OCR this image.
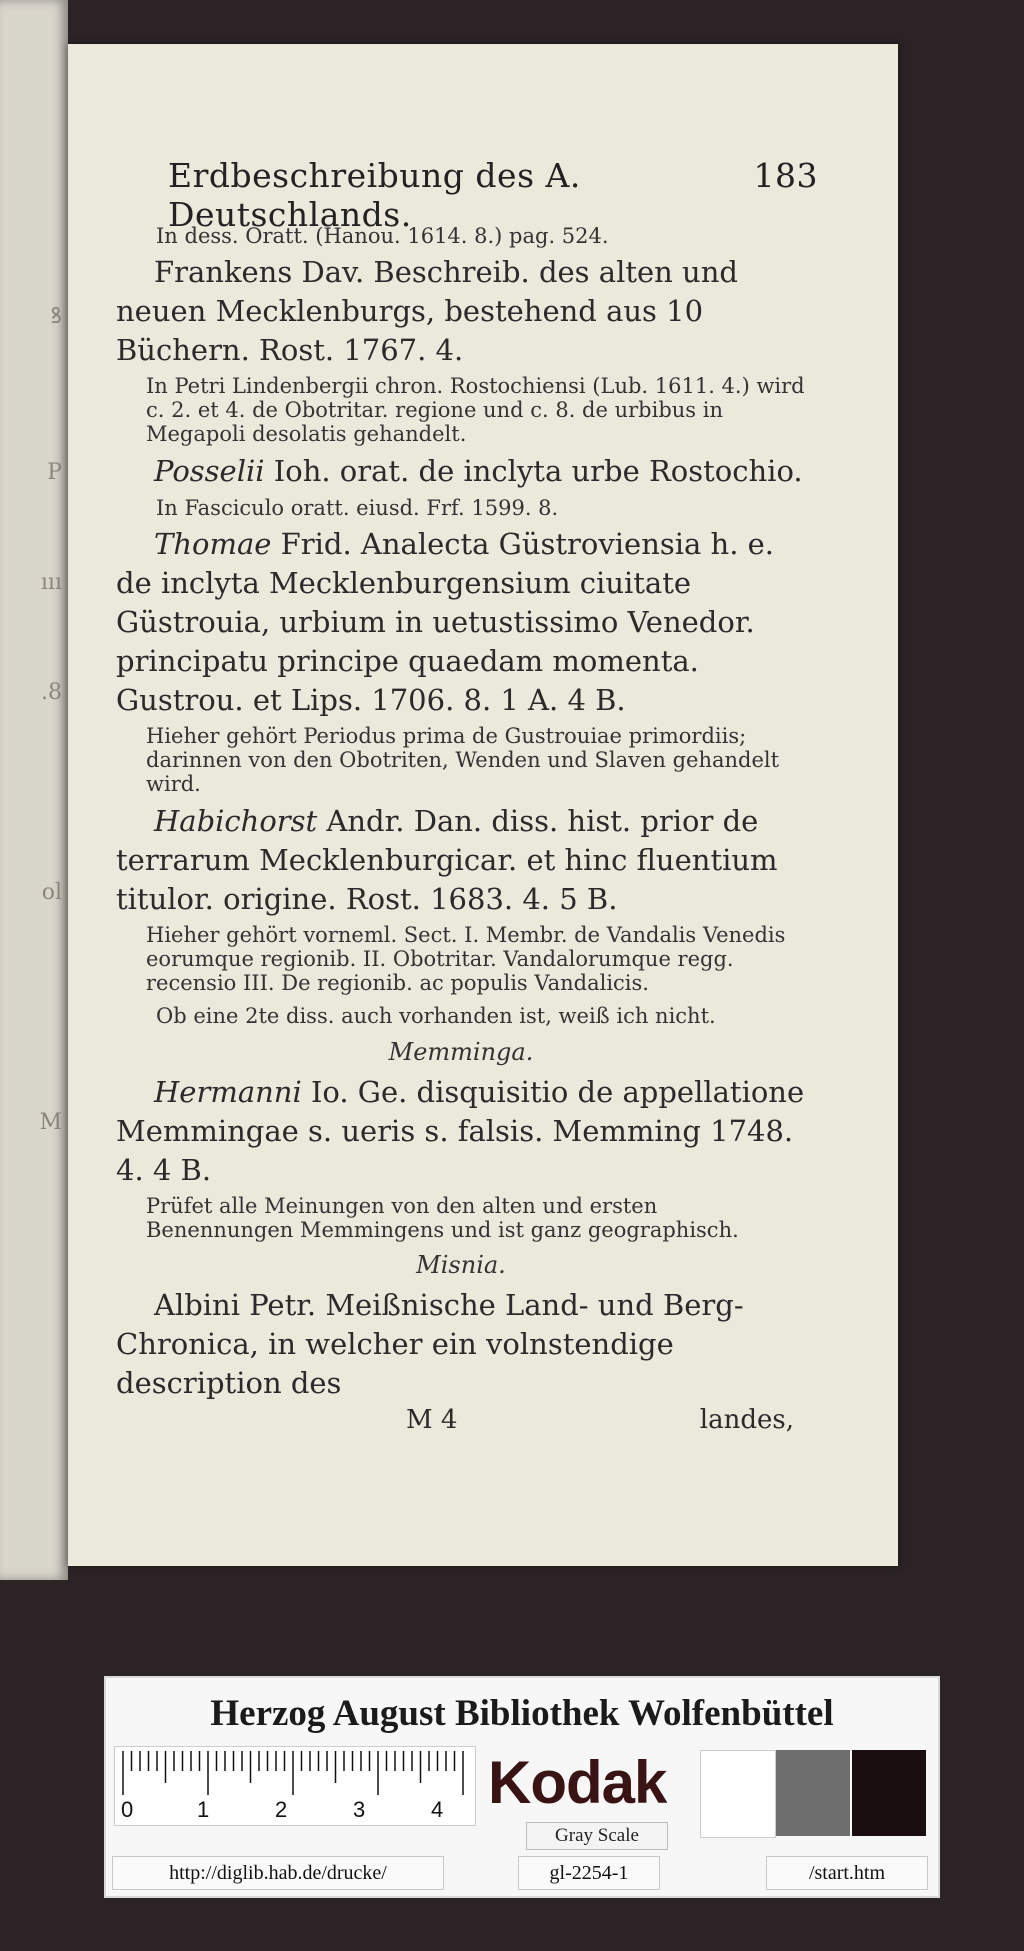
ꝸ
P
ııı
.8
ol
M
Erdbeschreibung des A. Deutschlands.
183

In dess. Oratt. (Hanou. 1614. 8.) pag. 524.

Frankens Dav. Beschreib. des alten und neuen Mecklenburgs, bestehend aus 10 Büchern. Rost. 1767. 4.

In Petri Lindenbergii chron. Rostochiensi (Lub. 1611. 4.) wird c. 2. et 4. de Obotritar. regione und c. 8. de urbibus in Megapoli desolatis gehandelt.

Posselii Ioh. orat. de inclyta urbe Rostochio.

In Fasciculo oratt. eiusd. Frf. 1599. 8.

Thomae Frid. Analecta Güstroviensia h. e. de inclyta Mecklenburgensium ciuitate Güstrouia, urbium in uetustissimo Venedor. principatu principe quaedam momenta. Gustrou. et Lips. 1706. 8. 1 A. 4 B.

Hieher gehört Periodus prima de Gustrouiae primordiis; darinnen von den Obotriten, Wenden und Slaven gehandelt wird.

Habichorst Andr. Dan. diss. hist. prior de terrarum Mecklenburgicar. et hinc fluentium titulor. origine. Rost. 1683. 4. 5 B.

Hieher gehört vorneml. Sect. I. Membr. de Vandalis Venedis eorumque regionib. II. Obotritar. Vandalorumque regg. recensio III. De regionib. ac populis Vandalicis.

Ob eine 2te diss. auch vorhanden ist, weiß ich nicht.

Memminga.

Hermanni Io. Ge. disquisitio de appellatione Memmingae s. ueris s. falsis. Memming 1748. 4. 4 B.

Prüfet alle Meinungen von den alten und ersten Benennungen Memmingens und ist ganz geographisch.

Misnia.

Albini Petr. Meißnische Land- und Berg-Chronica, in welcher ein volnstendige description des

M 4	landes,
Herzog August Bibliothek Wolfenbüttel
0	1	2	3	4 Kodak
Gray Scale
http://diglib.hab.de/drucke/	gl-2254-1	/start.htm
